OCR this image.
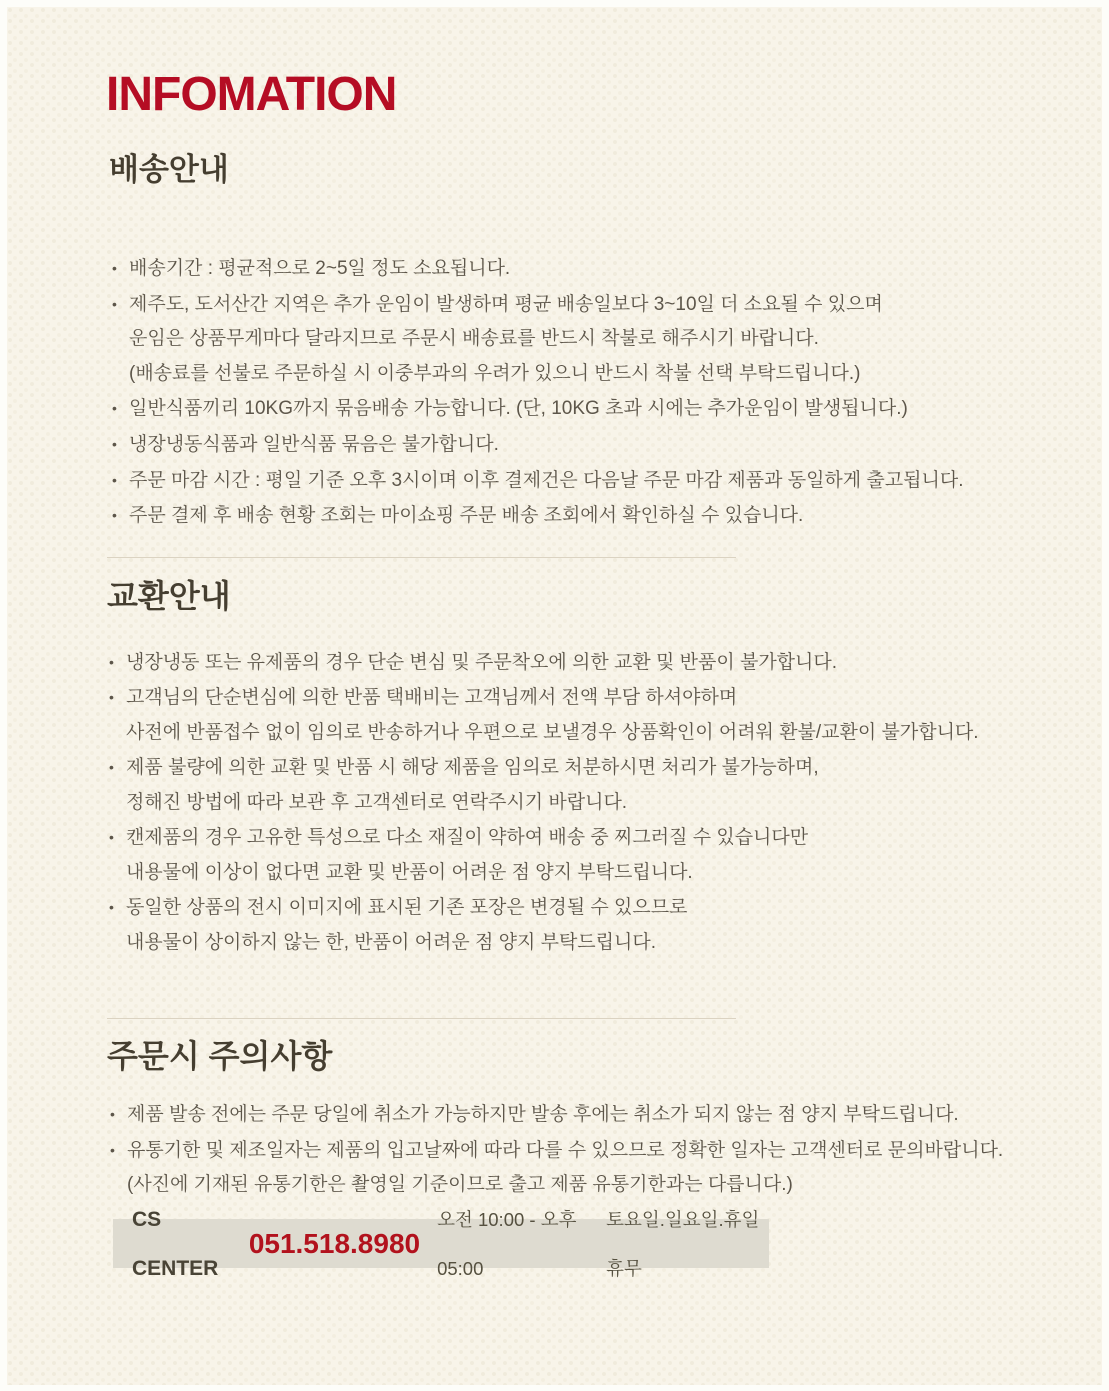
INFOMATION
배송안내
• 배송기간 : 평균적으로 2~5일 정도 소요됩니다.
• 제주도, 도서산간 지역은 추가 운임이 발생하며 평균 배송일보다 3~10일 더 소요될 수 있으며
운임은 상품무게마다 달라지므로 주문시 배송료를 반드시 착불로 해주시기 바랍니다.
(배송료를 선불로 주문하실 시 이중부과의 우려가 있으니 반드시 착불 선택 부탁드립니다.)
• 일반식품끼리 10KG까지 묶음배송 가능합니다. (단, 10KG 초과 시에는 추가운임이 발생됩니다.)
• 냉장냉동식품과 일반식품 묶음은 불가합니다.
• 주문 마감 시간 : 평일 기준 오후 3시이며 이후 결제건은 다음날 주문 마감 제품과 동일하게 출고됩니다.
• 주문 결제 후 배송 현황 조회는 마이쇼핑 주문 배송 조회에서 확인하실 수 있습니다.
교환안내
• 냉장냉동 또는 유제품의 경우 단순 변심 및 주문착오에 의한 교환 및 반품이 불가합니다.
• 고객님의 단순변심에 의한 반품 택배비는 고객님께서 전액 부담 하셔야하며
사전에 반품접수 없이 임의로 반송하거나 우편으로 보낼경우 상품확인이 어려워 환불/교환이 불가합니다.
• 제품 불량에 의한 교환 및 반품 시 해당 제품을 임의로 처분하시면 처리가 불가능하며,
정해진 방법에 따라 보관 후 고객센터로 연락주시기 바랍니다.
• 캔제품의 경우 고유한 특성으로 다소 재질이 약하여 배송 중 찌그러질 수 있습니다만
내용물에 이상이 없다면 교환 및 반품이 어려운 점 양지 부탁드립니다.
• 동일한 상품의 전시 이미지에 표시된 기존 포장은 변경될 수 있으므로
내용물이 상이하지 않는 한, 반품이 어려운 점 양지 부탁드립니다.
주문시 주의사항
• 제품 발송 전에는 주문 당일에 취소가 가능하지만 발송 후에는 취소가 되지 않는 점 양지 부탁드립니다.
• 유통기한 및 제조일자는 제품의 입고날짜에 따라 다를 수 있으므로 정확한 일자는 고객센터로 문의바랍니다.
(사진에 기재된 유통기한은 촬영일 기준이므로 출고 제품 유통기한과는 다릅니다.)
CS CENTER
051.518.8980
오전 10:00 - 오후 05:00
토요일.일요일.휴일 휴무
